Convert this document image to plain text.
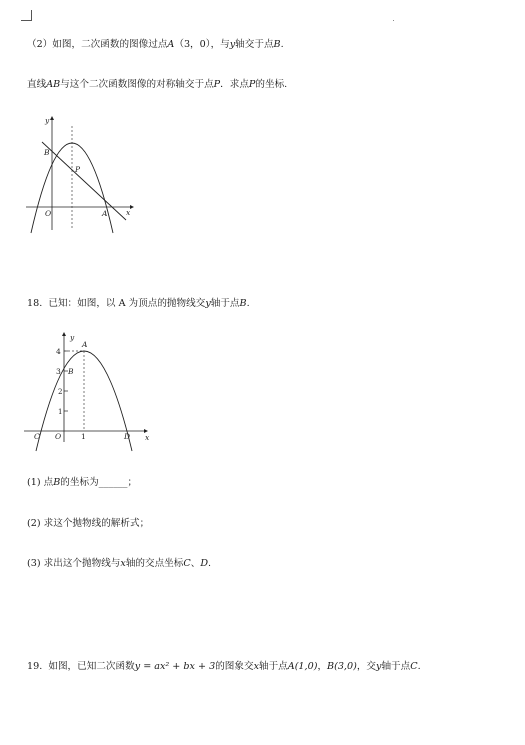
（2）如图，二次函数的图像过点A（3，0），与y轴交于点B.
直线AB与这个二次函数图像的对称轴交于点P．求点P的坐标.
y
x
O
B
P
A
18. 已知：如图，以 A 为顶点的抛物线交y轴于点B.
y
x
A
B
4
3
2
1
C O	1	D
(1) 点B的坐标为______；
(2) 求这个抛物线的解析式；
(3) 求出这个抛物线与x轴的交点坐标C、D.
19. 如图，已知二次函数y = ax² + bx + 3的图象交x轴于点A(1,0)，B(3,0)，交y轴于点C.
